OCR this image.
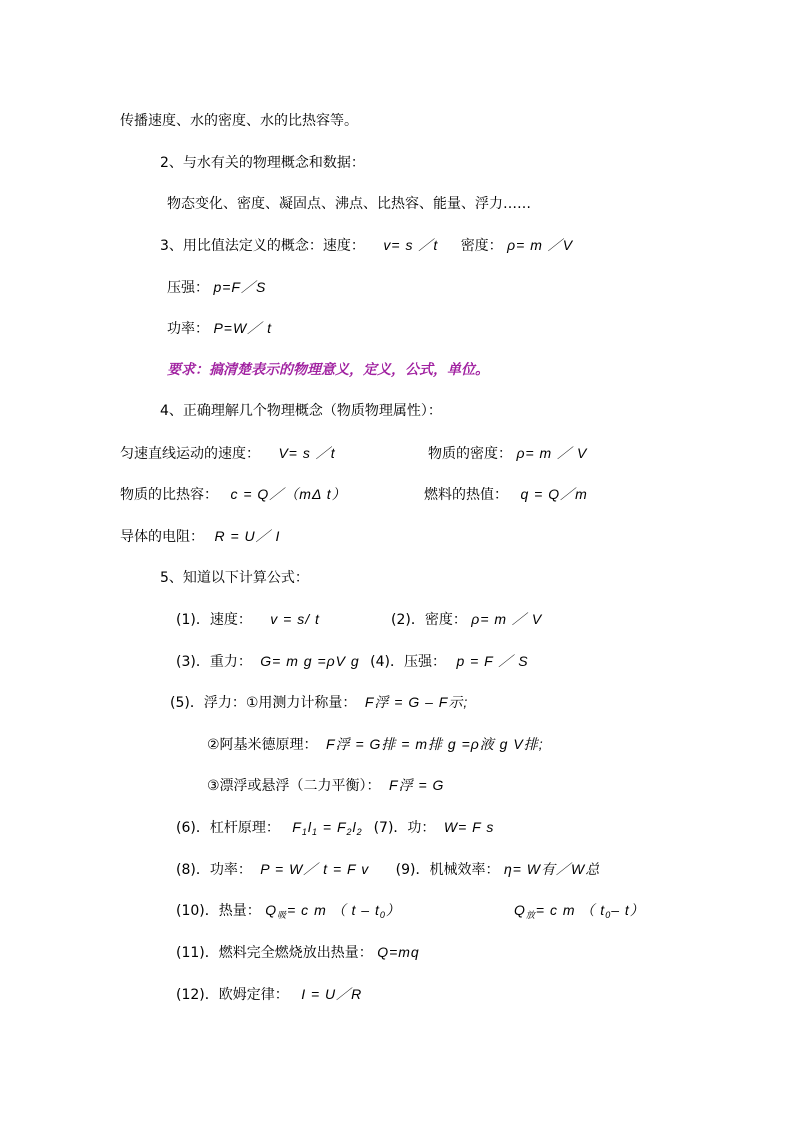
传播速度、水的密度、水的比热容等。
2、与水有关的物理概念和数据：
物态变化、密度、凝固点、沸点、比热容、能量、浮力……
3、用比值法定义的概念：速度： v= s ／t 密度： ρ= m ／V
压强： p=F／S
功率： P=W／ t
要求：搞清楚表示的物理意义，定义，公式，单位。
4、正确理解几个物理概念（物质物理属性）：
匀速直线运动的速度： V= s ／t	物质的密度： ρ= m ／ V
物质的比热容： c = Q／（mΔ t）	燃料的热值： q = Q／m
导体的电阻： R = U／ I
5、知道以下计算公式：
(1)．速度： v = s/ t	(2)．密度： ρ= m ／ V
(3)．重力： G= m g =ρV g (4)．压强： p = F ／ S
(5)．浮力：①用测力计称量： F浮 = G – F示;
②阿基米德原理： F浮 = G排 = m排 g =ρ液 g V排;
③漂浮或悬浮（二力平衡）： F浮 = G
(6)．杠杆原理： $F_1l_1 = F_2l_2$ (7)．功： W= F s
(8)．功率： P = W／ t = F v (9)．机械效率： η= W有／W总
(10)．热量： $Q_吸= c$ m （ t – $t_0$）	$Q_放= c$ m （ $t_0-$ t）
(11)．燃料完全燃烧放出热量： Q=mq
(12)．欧姆定律： I = U／R
